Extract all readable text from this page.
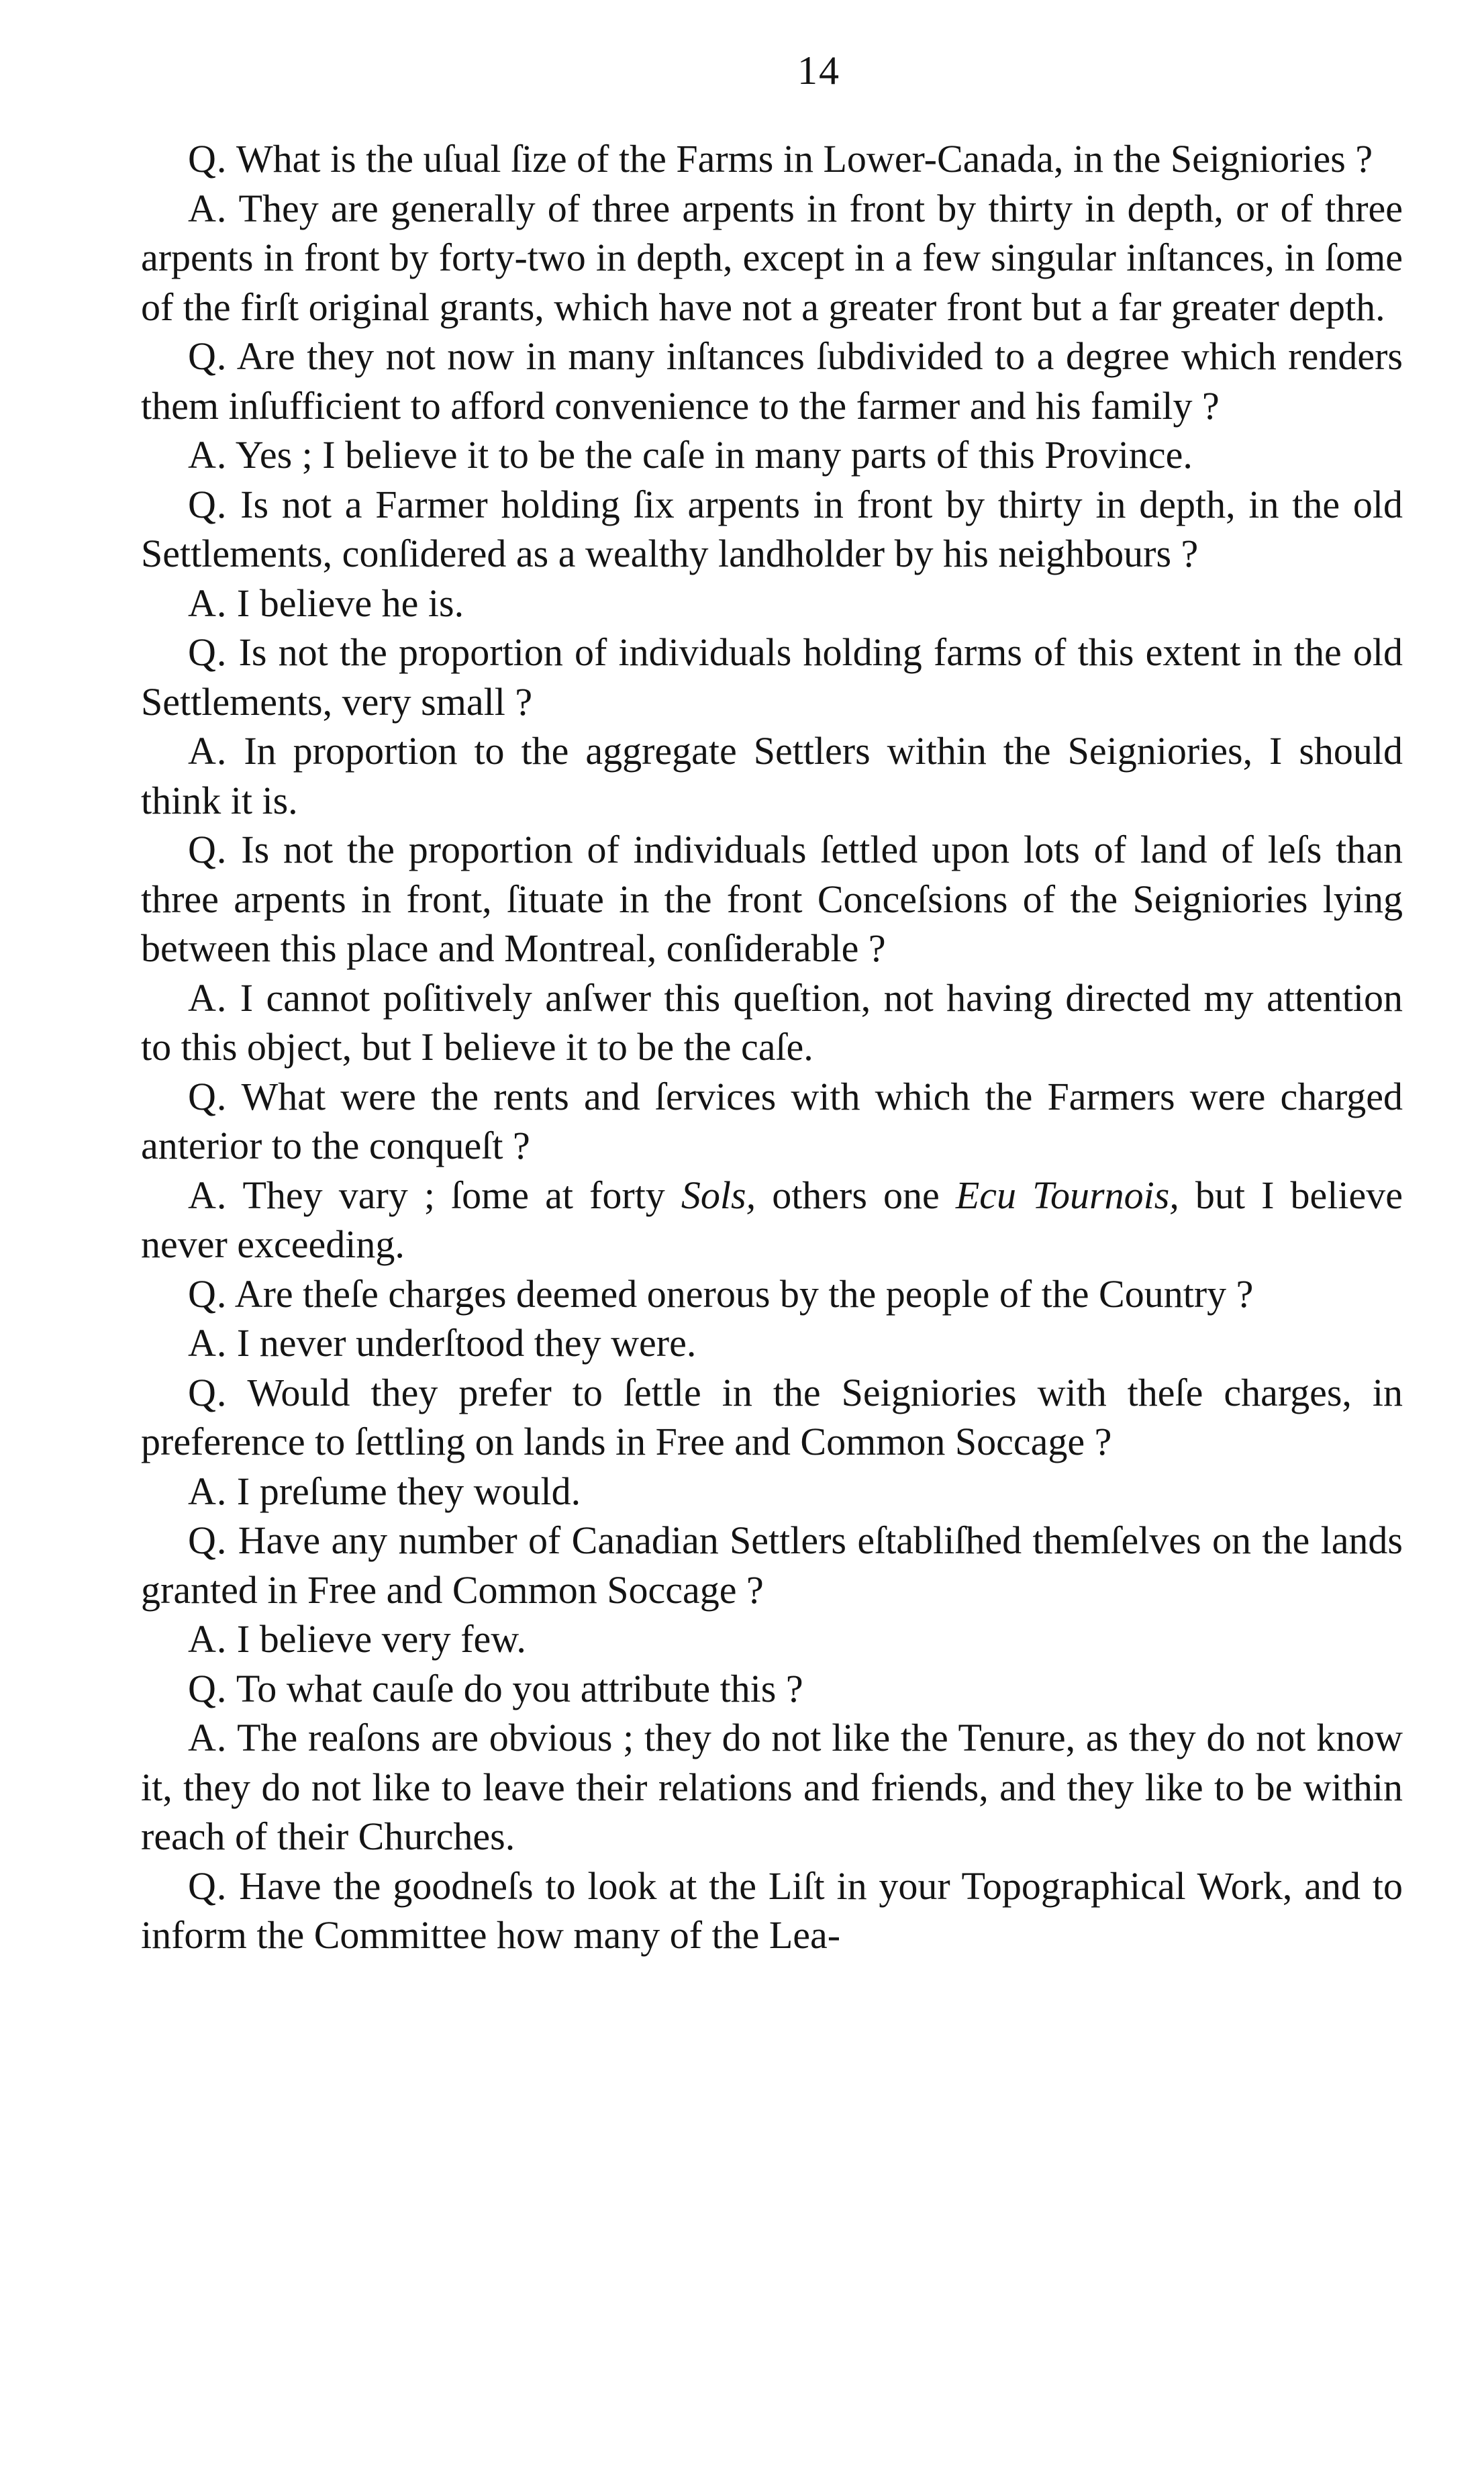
14

Q. What is the uſual ſize of the Farms in Lower-Canada, in the Seigniories ?

A. They are generally of three arpents in front by thirty in depth, or of three arpents in front by forty-two in depth, except in a few singular inſtances, in ſome of the firſt original grants, which have not a greater front but a far greater depth.

Q. Are they not now in many inſtances ſubdivided to a degree which renders them inſufficient to afford convenience to the farmer and his family ?

A. Yes ; I believe it to be the caſe in many parts of this Province.

Q. Is not a Farmer holding ſix arpents in front by thirty in depth, in the old Settlements, conſidered as a wealthy landholder by his neighbours ?

A. I believe he is.

Q. Is not the proportion of individuals holding farms of this extent in the old Settlements, very small ?

A. In proportion to the aggregate Settlers within the Seigniories, I should think it is.

Q. Is not the proportion of individuals ſettled upon lots of land of leſs than three arpents in front, ſituate in the front Conceſsions of the Seigniories lying between this place and Montreal, conſiderable ?

A. I cannot poſitively anſwer this queſtion, not having directed my attention to this object, but I believe it to be the caſe.

Q. What were the rents and ſervices with which the Farmers were charged anterior to the conqueſt ?

A. They vary ; ſome at forty Sols, others one Ecu Tournois, but I believe never exceeding.

Q. Are theſe charges deemed onerous by the people of the Country ?

A. I never underſtood they were.

Q. Would they prefer to ſettle in the Seigniories with theſe charges, in preference to ſettling on lands in Free and Common Soccage ?

A. I preſume they would.

Q. Have any number of Canadian Settlers eſtabliſhed themſelves on the lands granted in Free and Common Soccage ?

A. I believe very few.

Q. To what cauſe do you attribute this ?

A. The reaſons are obvious ; they do not like the Tenure, as they do not know it, they do not like to leave their relations and friends, and they like to be within reach of their Churches.

Q. Have the goodneſs to look at the Liſt in your Topographical Work, and to inform the Committee how many of the Lea-
